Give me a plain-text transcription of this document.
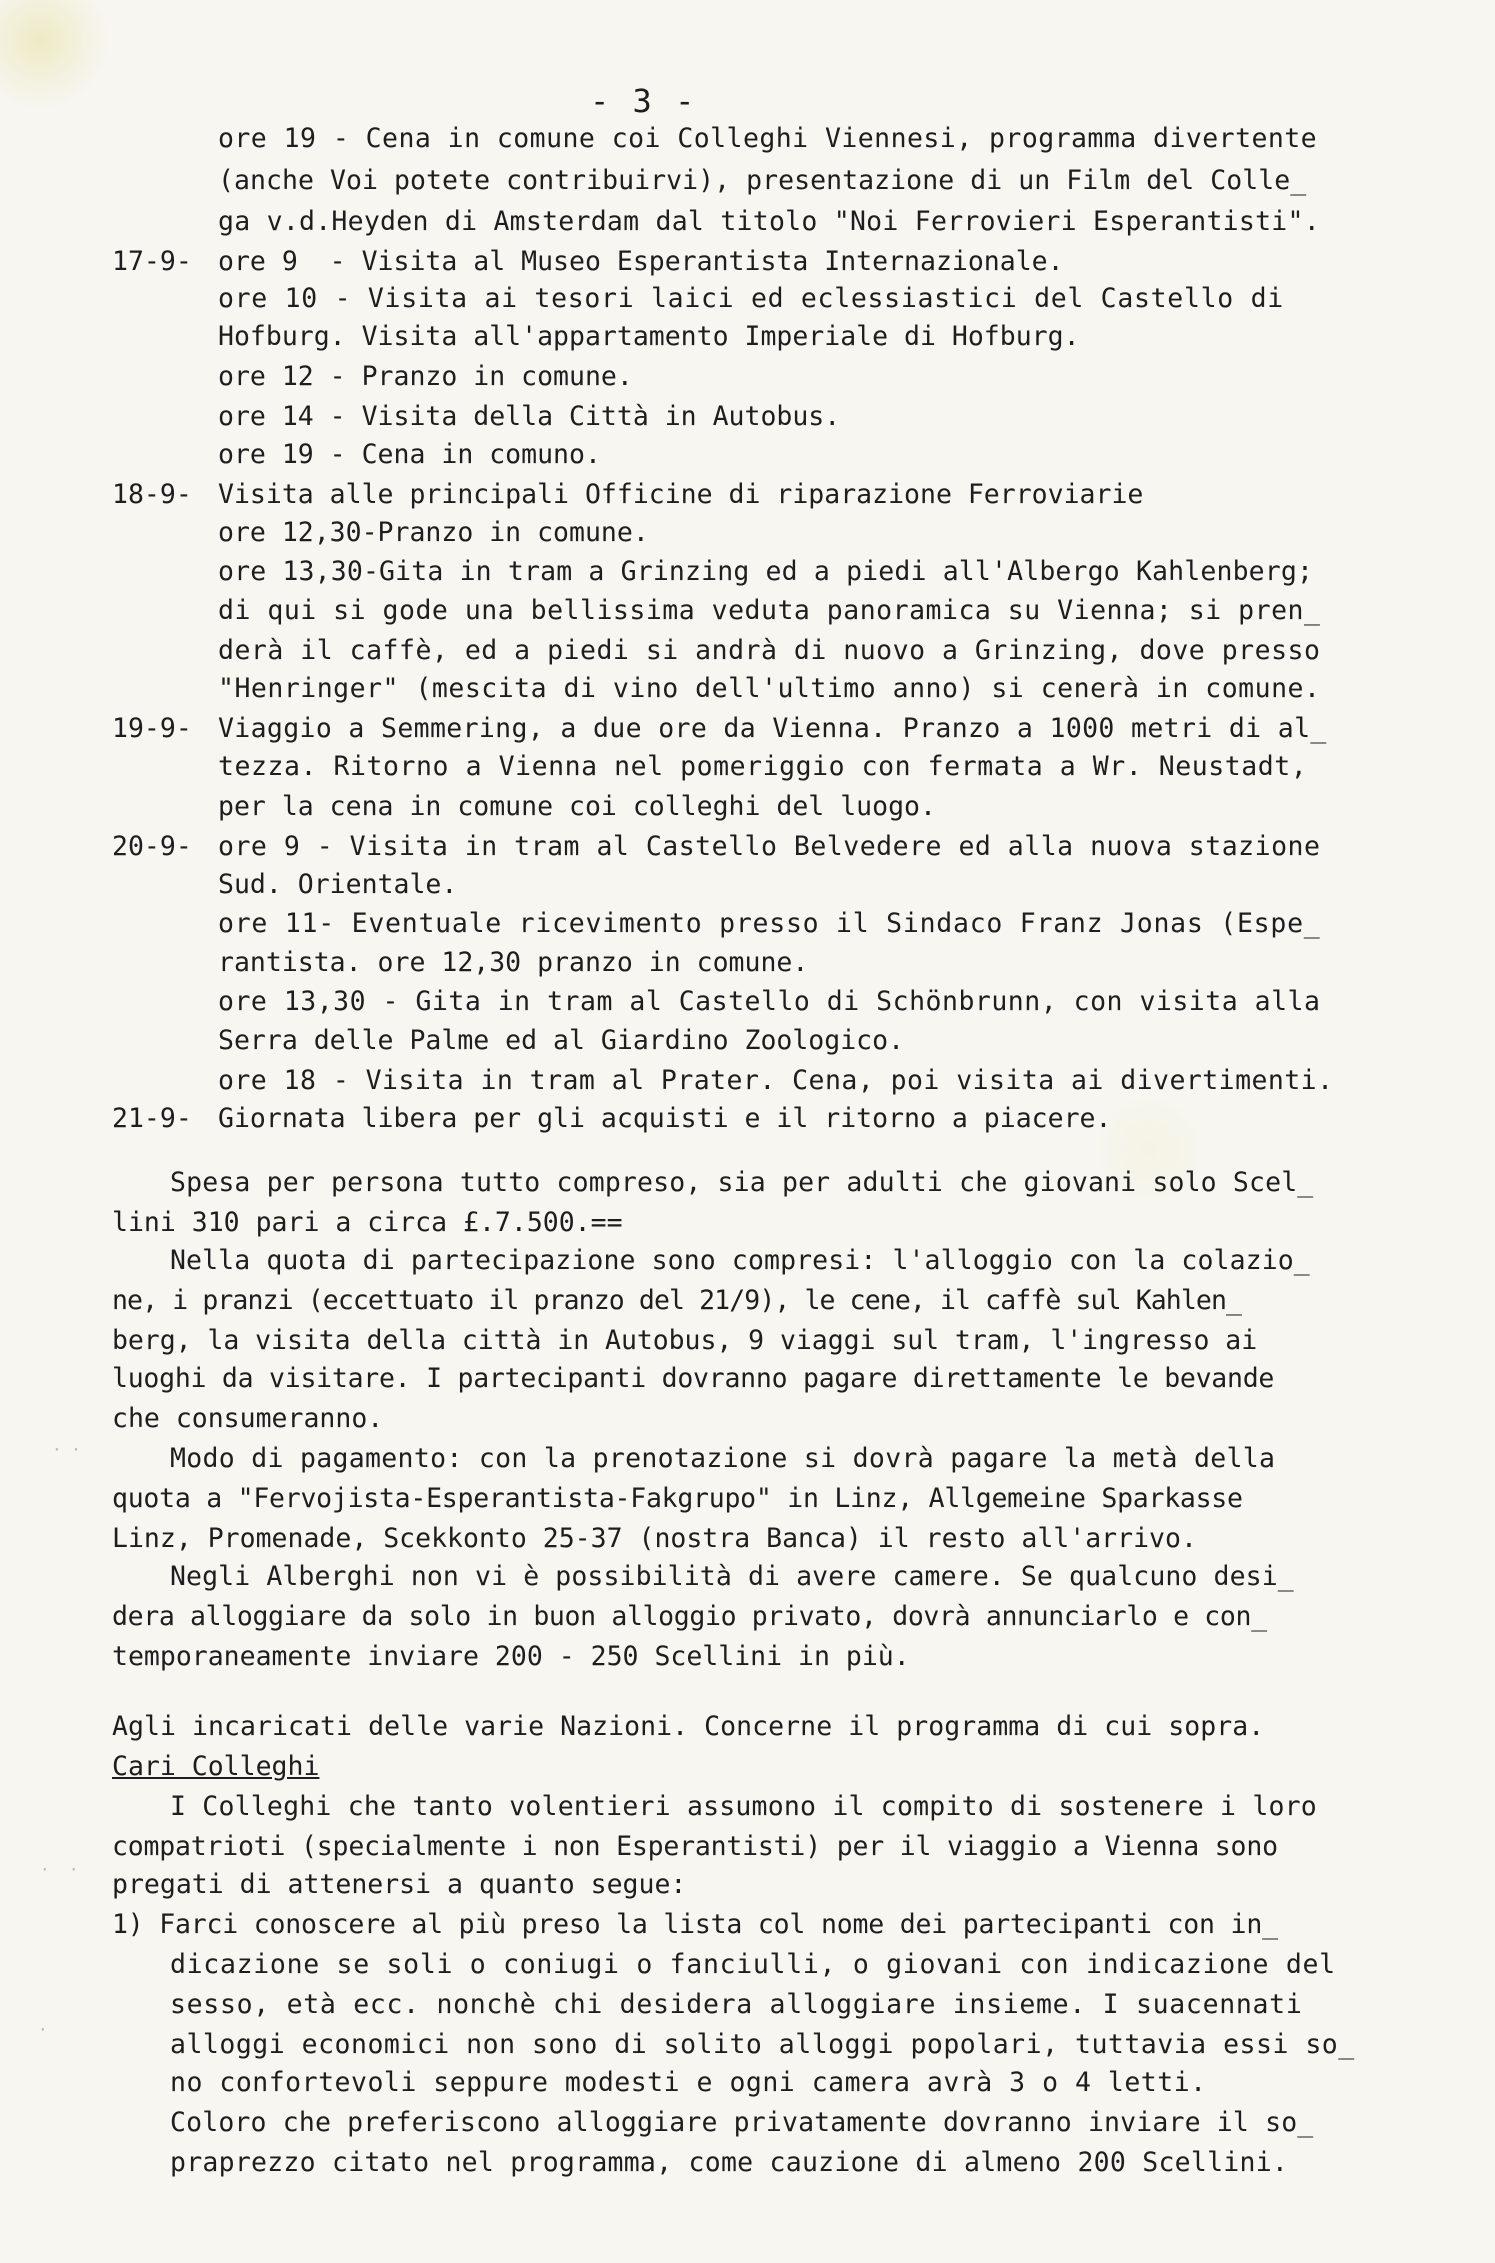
- 3 -
ore 19 - Cena in comune coi Colleghi Viennesi, programma divertente
(anche Voi potete contribuirvi), presentazione di un Film del Colle_
ga v.d.Heyden di Amsterdam dal titolo "Noi Ferrovieri Esperantisti".
17-9- ore 9  - Visita al Museo Esperantista Internazionale.
ore 10 - Visita ai tesori laici ed eclessiastici del Castello di
Hofburg. Visita all'appartamento Imperiale di Hofburg.
ore 12 - Pranzo in comune.
ore 14 - Visita della Città in Autobus.
ore 19 - Cena in comuno.
18-9- Visita alle principali Officine di riparazione Ferroviarie
ore 12,30-Pranzo in comune.
ore 13,30-Gita in tram a Grinzing ed a piedi all'Albergo Kahlenberg;
di qui si gode una bellissima veduta panoramica su Vienna; si pren_
derà il caffè, ed a piedi si andrà di nuovo a Grinzing, dove presso
"Henringer" (mescita di vino dell'ultimo anno) si cenerà in comune.
19-9- Viaggio a Semmering, a due ore da Vienna. Pranzo a 1000 metri di al_
tezza. Ritorno a Vienna nel pomeriggio con fermata a Wr. Neustadt,
per la cena in comune coi colleghi del luogo.
20-9- ore 9 - Visita in tram al Castello Belvedere ed alla nuova stazione
Sud. Orientale.
ore 11- Eventuale ricevimento presso il Sindaco Franz Jonas (Espe_
rantista. ore 12,30 pranzo in comune.
ore 13,30 - Gita in tram al Castello di Schönbrunn, con visita alla
Serra delle Palme ed al Giardino Zoologico.
ore 18 - Visita in tram al Prater. Cena, poi visita ai divertimenti.
21-9- Giornata libera per gli acquisti e il ritorno a piacere.
Spesa per persona tutto compreso, sia per adulti che giovani solo Scel_
lini 310 pari a circa £.7.500.==
Nella quota di partecipazione sono compresi: l'alloggio con la colazio_
ne, i pranzi (eccettuato il pranzo del 21/9), le cene, il caffè sul Kahlen_
berg, la visita della città in Autobus, 9 viaggi sul tram, l'ingresso ai
luoghi da visitare. I partecipanti dovranno pagare direttamente le bevande
che consumeranno.
Modo di pagamento: con la prenotazione si dovrà pagare la metà della
quota a "Fervojista-Esperantista-Fakgrupo" in Linz, Allgemeine Sparkasse
Linz, Promenade, Scekkonto 25-37 (nostra Banca) il resto all'arrivo.
Negli Alberghi non vi è possibilità di avere camere. Se qualcuno desi_
dera alloggiare da solo in buon alloggio privato, dovrà annunciarlo e con_
temporaneamente inviare 200 - 250 Scellini in più.
Agli incaricati delle varie Nazioni. Concerne il programma di cui sopra.
Cari Colleghi
I Colleghi che tanto volentieri assumono il compito di sostenere i loro
compatrioti (specialmente i non Esperantisti) per il viaggio a Vienna sono
pregati di attenersi a quanto segue:
1) Farci conoscere al più preso la lista col nome dei partecipanti con in_
dicazione se soli o coniugi o fanciulli, o giovani con indicazione del
sesso, età ecc. nonchè chi desidera alloggiare insieme. I suacennati
alloggi economici non sono di solito alloggi popolari, tuttavia essi so_
no confortevoli seppure modesti e ogni camera avrà 3 o 4 letti.
Coloro che preferiscono alloggiare privatamente dovranno inviare il so_
praprezzo citato nel programma, come cauzione di almeno 200 Scellini.
·  ·
· ·
·
